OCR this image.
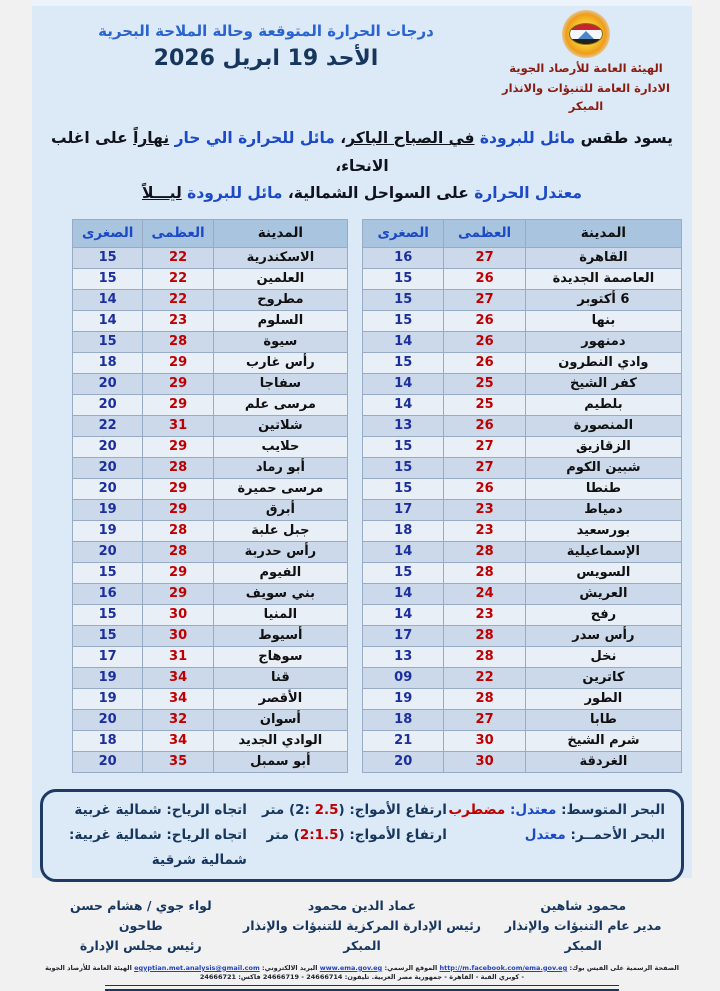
الهيئة العامة للأرصاد الجوية
الادارة العامة للتنبؤات والانذار المبكر
درجات الحرارة المتوقعة وحالة الملاحة البحرية
الأحد 19 ابريل 2026
يسود طقس مائل للبرودة في الصباح الباكر، مائل للحرارة الي حار نهاراً على اغلب الانحاء،
معتدل الحرارة على السواحل الشمالية، مائل للبرودة ليـــلاً
المدينة	العظمى	الصغرى
القاهرة	27	16
العاصمة الجديدة	26	15
6 أكتوبر	27	15
بنها	26	15
دمنهور	26	14
وادي النطرون	26	15
كفر الشيخ	25	14
بلطيم	25	14
المنصورة	26	13
الزقازيق	27	15
شبين الكوم	27	15
طنطا	26	15
دمياط	23	17
بورسعيد	23	18
الإسماعيلية	28	14
السويس	28	15
العريش	24	14
رفح	23	14
رأس سدر	28	17
نخل	28	13
كاترين	22	09
الطور	28	19
طابا	27	18
شرم الشيخ	30	21
الغردقة	30	20
المدينة	العظمى	الصغرى
الاسكندرية	22	15
العلمين	22	15
مطروح	22	14
السلوم	23	14
سيوة	28	15
رأس غارب	29	18
سفاجا	29	20
مرسى علم	29	20
شلاتين	31	22
حلايب	29	20
أبو رماد	28	20
مرسى حميرة	29	20
أبرق	29	19
جبل علبة	28	19
رأس حدربة	28	20
الفيوم	29	15
بني سويف	29	16
المنيا	30	15
أسيوط	30	15
سوهاج	31	17
قنا	34	19
الأقصر	34	19
أسوان	32	20
الوادي الجديد	34	18
أبو سمبل	35	20
البحر المتوسط: معتدل: مضطرب
ارتفاع الأمواج: (2: 2.5) متر
اتجاه الرياح: شمالية غربية
البحر الأحمــر: معتدل
ارتفاع الأمواج: (2:1.5) متر
اتجاه الرياح: شمالية غربية: شمالية شرقية
محمود شاهين
مدير عام التنبؤات والإنذار المبكر
عماد الدين محمود
رئيس الإدارة المركزية للتنبؤات والإنذار المبكر
لواء جوي / هشام حسن طاحون
رئيس مجلس الإدارة
الصفحة الرسمية على الفيس بوك: http://m.facebook.com/ema.gov.eg الموقع الرسمي: www.ema.gov.eg البريد الالكتروني: egyptian.met.analysis@gmail.com الهيئة العامة للأرصاد الجوية - كوبري القبة - القاهرة - جمهورية مصر العربية. تليفون: 24666714 - 24666719 فاكس: 24666721
